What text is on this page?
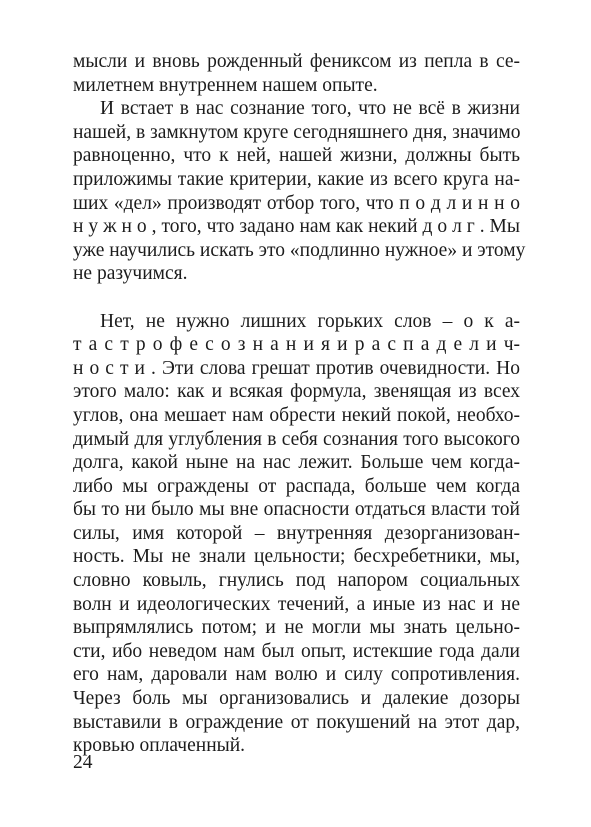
мысли и вновь рожденный фениксом из пепла в се-
милетнем внутреннем нашем опыте.
И встает в нас сознание того, что не всё в жизни
нашей, в замкнутом круге сегодняшнего дня, значимо
равноценно, что к ней, нашей жизни, должны быть
приложимы такие критерии, какие из всего круга на-
ших «дел» производят отбор того, что п о д л и н н о
н у ж н о , того, что задано нам как некий д о л г . Мы
уже научились искать это «подлинно нужное» и этому
не разучимся.
Нет, не нужно лишних горьких слов – о к а-
т а с т р о ф е с о з н а н и я и р а с п а д е л и ч-
н о с т и . Эти слова грешат против очевидности. Но
этого мало: как и всякая формула, звенящая из всех
углов, она мешает нам обрести некий покой, необхо-
димый для углубления в себя сознания того высокого
долга, какой ныне на нас лежит. Больше чем когда-
либо мы ограждены от распада, больше чем когда
бы то ни было мы вне опасности отдаться власти той
силы, имя которой – внутренняя дезорганизован-
ность. Мы не знали цельности; бесхребетники, мы,
словно ковыль, гнулись под напором социальных
волн и идеологических течений, а иные из нас и не
выпрямлялись потом; и не могли мы знать цельно-
сти, ибо неведом нам был опыт, истекшие года дали
его нам, даровали нам волю и силу сопротивления.
Через боль мы организовались и далекие дозоры
выставили в ограждение от покушений на этот дар,
кровью оплаченный.
24
